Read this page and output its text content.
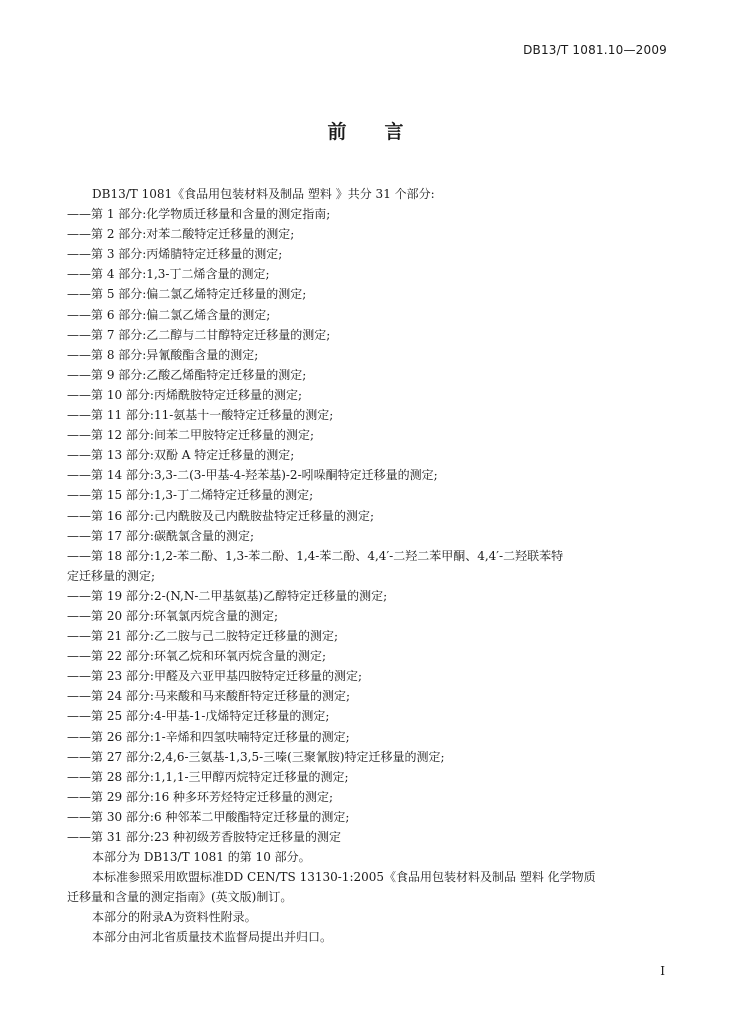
DB13/T 1081.10—2009
前言
DB13/T 1081《食品用包装材料及制品 塑料 》共分 31 个部分:
——第 1 部分:化学物质迁移量和含量的测定指南;
——第 2 部分:对苯二酸特定迁移量的测定;
——第 3 部分:丙烯腈特定迁移量的测定;
——第 4 部分:1,3-丁二烯含量的测定;
——第 5 部分:偏二氯乙烯特定迁移量的测定;
——第 6 部分:偏二氯乙烯含量的测定;
——第 7 部分:乙二醇与二甘醇特定迁移量的测定;
——第 8 部分:异氰酸酯含量的测定;
——第 9 部分:乙酸乙烯酯特定迁移量的测定;
——第 10 部分:丙烯酰胺特定迁移量的测定;
——第 11 部分:11-氨基十一酸特定迁移量的测定;
——第 12 部分:间苯二甲胺特定迁移量的测定;
——第 13 部分:双酚 A 特定迁移量的测定;
——第 14 部分:3,3-二(3-甲基-4-羟苯基)-2-吲哚酮特定迁移量的测定;
——第 15 部分:1,3-丁二烯特定迁移量的测定;
——第 16 部分:己内酰胺及己内酰胺盐特定迁移量的测定;
——第 17 部分:碳酰氯含量的测定;
——第 18 部分:1,2-苯二酚、1,3-苯二酚、1,4-苯二酚、4,4′-二羟二苯甲酮、4,4′-二羟联苯特
定迁移量的测定;
——第 19 部分:2-(N,N-二甲基氨基)乙醇特定迁移量的测定;
——第 20 部分:环氧氯丙烷含量的测定;
——第 21 部分:乙二胺与己二胺特定迁移量的测定;
——第 22 部分:环氧乙烷和环氧丙烷含量的测定;
——第 23 部分:甲醛及六亚甲基四胺特定迁移量的测定;
——第 24 部分:马来酸和马来酸酐特定迁移量的测定;
——第 25 部分:4-甲基-1-戊烯特定迁移量的测定;
——第 26 部分:1-辛烯和四氢呋喃特定迁移量的测定;
——第 27 部分:2,4,6-三氨基-1,3,5-三嗪(三聚氰胺)特定迁移量的测定;
——第 28 部分:1,1,1-三甲醇丙烷特定迁移量的测定;
——第 29 部分:16 种多环芳烃特定迁移量的测定;
——第 30 部分:6 种邻苯二甲酸酯特定迁移量的测定;
——第 31 部分:23 种初级芳香胺特定迁移量的测定
本部分为 DB13/T 1081 的第 10 部分。
本标准参照采用欧盟标准DD CEN/TS 13130-1:2005《食品用包装材料及制品 塑料 化学物质
迁移量和含量的测定指南》(英文版)制订。
本部分的附录A为资料性附录。
本部分由河北省质量技术监督局提出并归口。
I
